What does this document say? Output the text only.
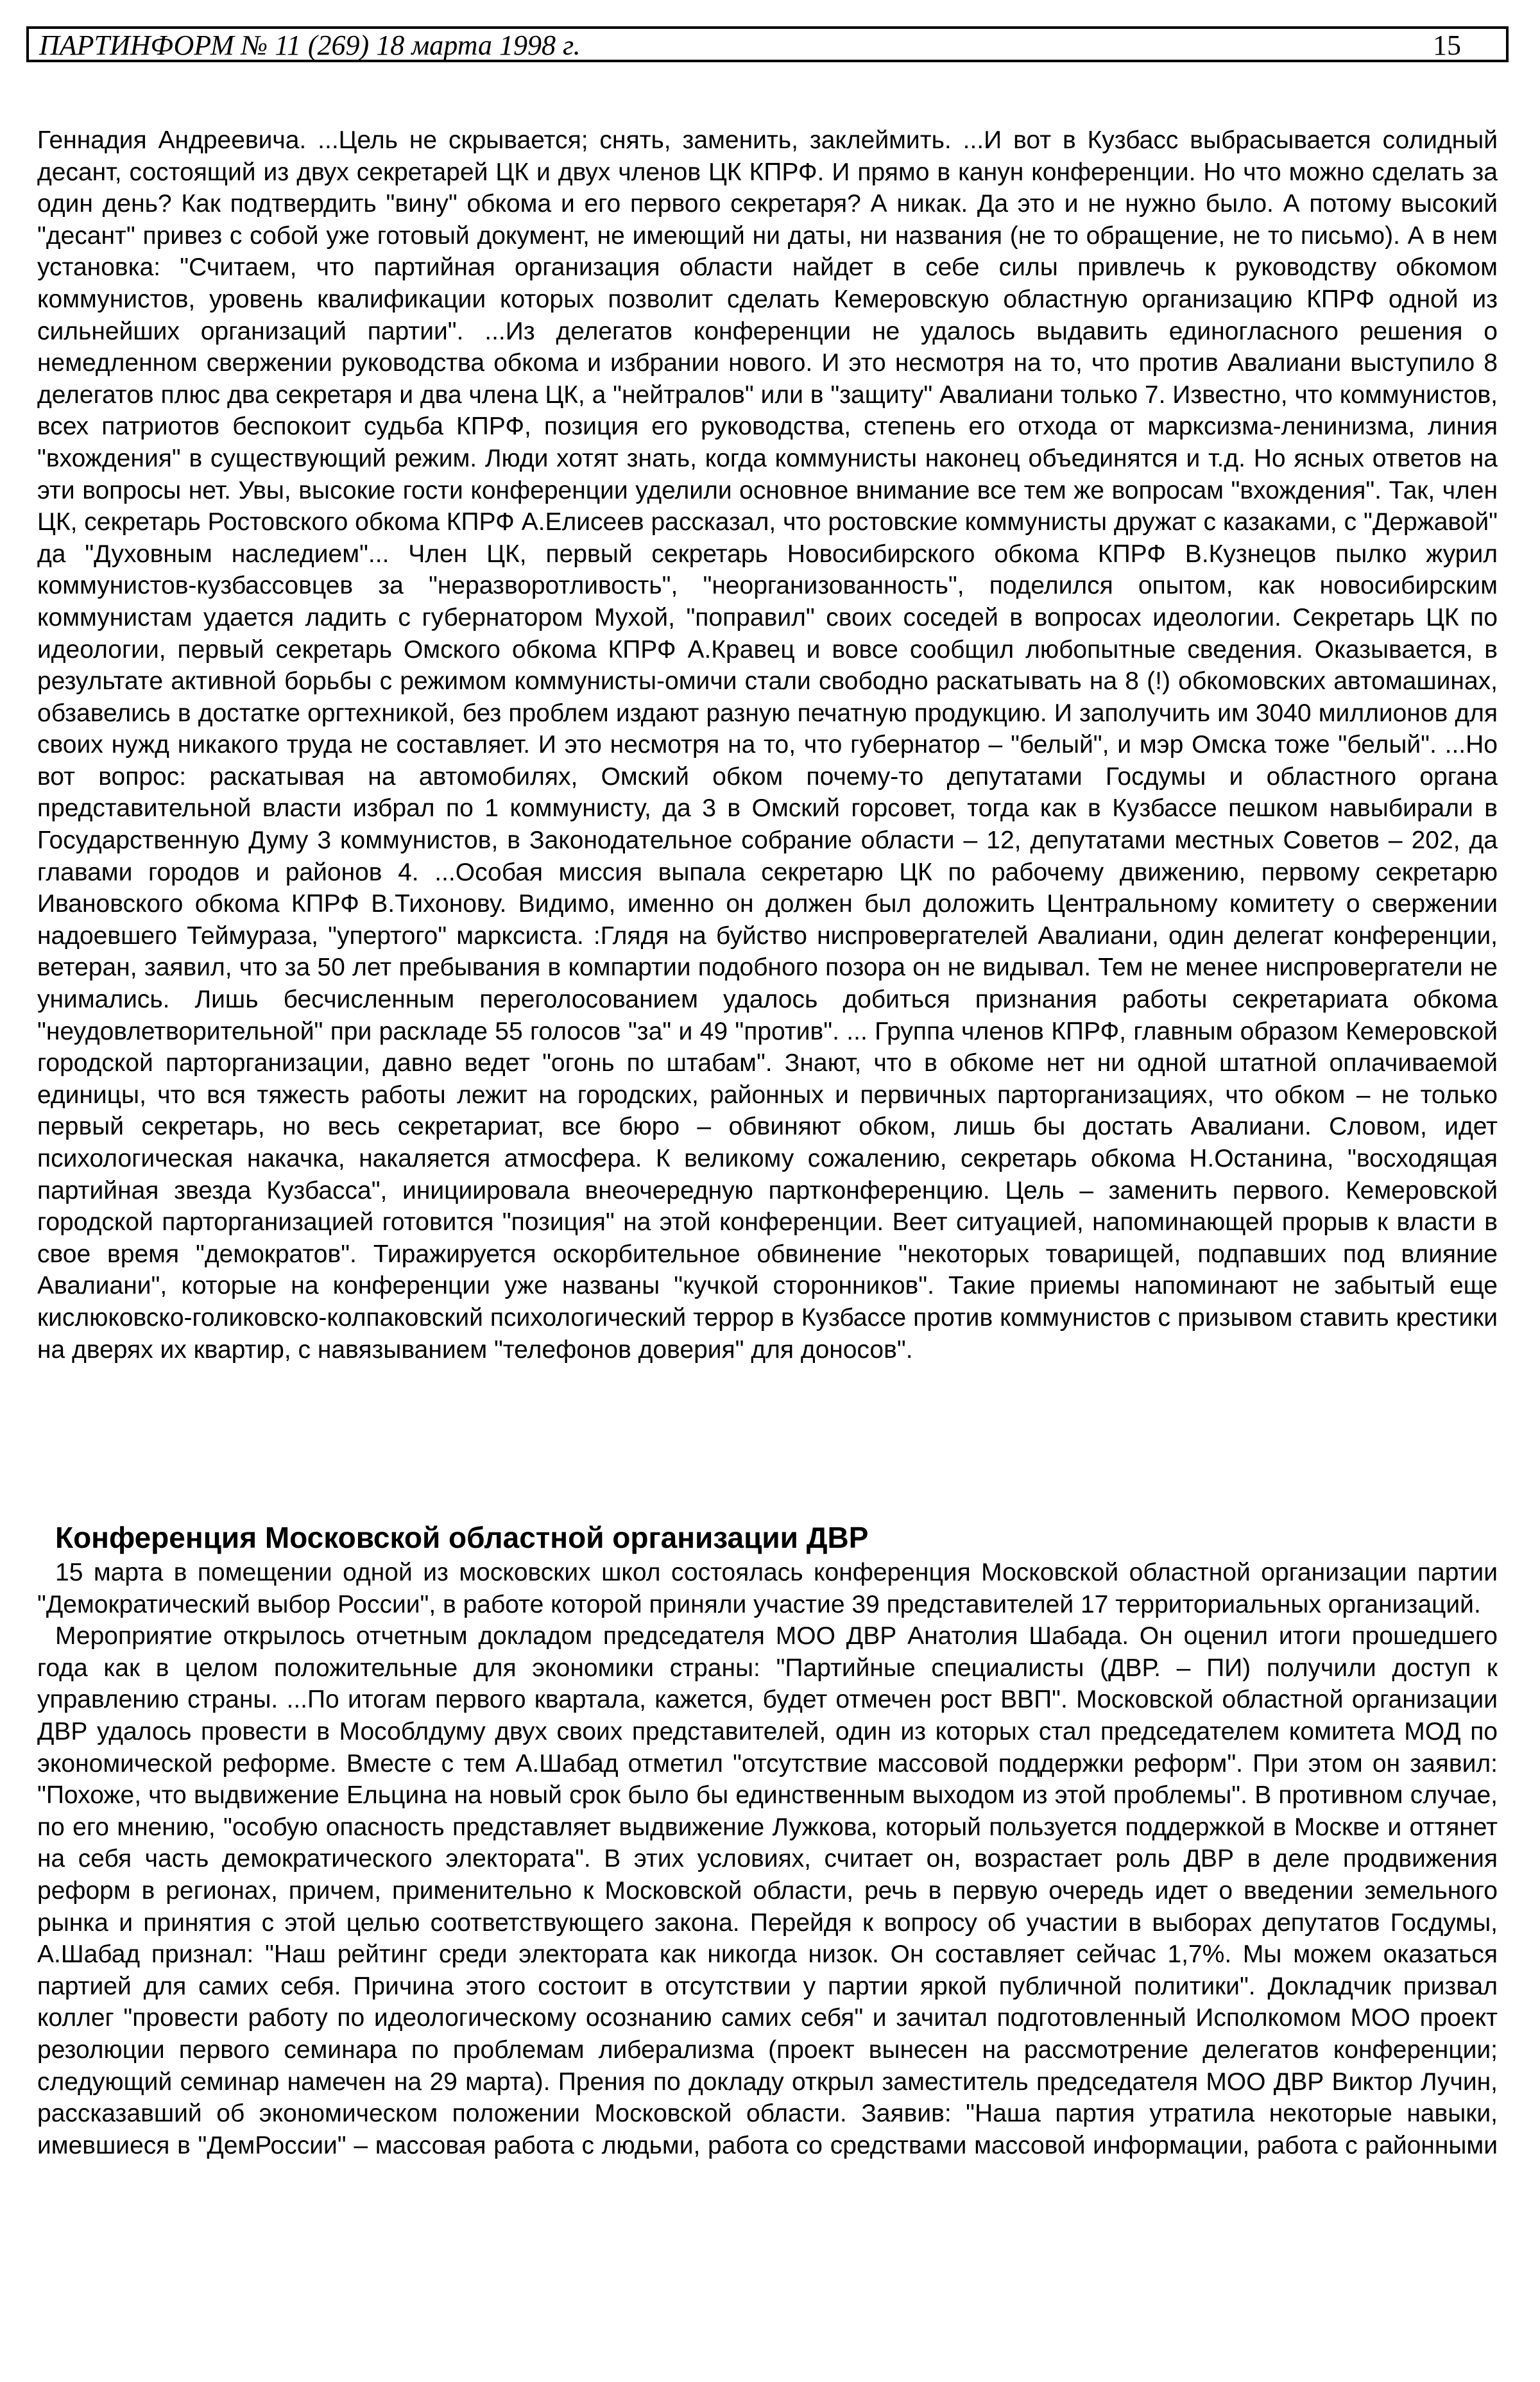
ПАРТИНФОРМ № 11 (269) 18 марта 1998 г.	15

Геннадия Андреевича. ...Цель не скрывается; снять, заменить, заклеймить. ...И вот в Кузбасс выбрасывается солидный десант, состоящий из двух секретарей ЦК и двух членов ЦК КПРФ. И прямо в канун конференции. Но что можно сделать за один день? Как подтвердить "вину" обкома и его первого секретаря? А никак. Да это и не нужно было. А потому высокий "десант" привез с собой уже готовый документ, не имеющий ни даты, ни названия (не то обращение, не то письмо). А в нем установка: "Считаем, что партийная организация области найдет в себе силы привлечь к руководству обкомом коммунистов, уровень квалификации которых позволит сделать Кемеровскую областную организацию КПРФ одной из сильнейших организаций партии". ...Из делегатов конференции не удалось выдавить единогласного решения о немедленном свержении руководства обкома и избрании нового. И это несмотря на то, что против Авалиани выступило 8 делегатов плюс два секретаря и два члена ЦК, а "нейтралов" или в "защиту" Авалиани только 7. Известно, что коммунистов, всех патриотов беспокоит судьба КПРФ, позиция его руководства, степень его отхода от марксизма-ленинизма, линия "вхождения" в существующий режим. Люди хотят знать, когда коммунисты наконец объединятся и т.д. Но ясных ответов на эти вопросы нет. Увы, высокие гости конференции уделили основное внимание все тем же вопросам "вхождения". Так, член ЦК, секретарь Ростовского обкома КПРФ А.Елисеев рассказал, что ростовские коммунисты дружат с казаками, с "Державой" да "Духовным наследием"... Член ЦК, первый секретарь Новосибирского обкома КПРФ В.Кузнецов пылко журил коммунистов-кузбассовцев за "неразворотливость", "неорганизованность", поделился опытом, как новосибирским коммунистам удается ладить с губернатором Мухой, "поправил" своих соседей в вопросах идеологии. Секретарь ЦК по идеологии, первый секретарь Омского обкома КПРФ А.Кравец и вовсе сообщил любопытные сведения. Оказывается, в результате активной борьбы с режимом коммунисты-омичи стали свободно раскатывать на 8 (!) обкомовских автомашинах, обзавелись в достатке оргтехникой, без проблем издают разную печатную продукцию. И заполучить им 3040 миллионов для своих нужд никакого труда не составляет. И это несмотря на то, что губернатор – "белый", и мэр Омска тоже "белый". ...Но вот вопрос: раскатывая на автомобилях, Омский обком почему-то депутатами Госдумы и областного органа представительной власти избрал по 1 коммунисту, да 3 в Омский горсовет, тогда как в Кузбассе пешком навыбирали в Государственную Думу 3 коммунистов, в Законодательное собрание области – 12, депутатами местных Советов – 202, да главами городов и районов 4. ...Особая миссия выпала секретарю ЦК по рабочему движению, первому секретарю Ивановского обкома КПРФ В.Тихонову. Видимо, именно он должен был доложить Центральному комитету о свержении надоевшего Теймураза, "упертого" марксиста. :Глядя на буйство ниспровергателей Авалиани, один делегат конференции, ветеран, заявил, что за 50 лет пребывания в компартии подобного позора он не видывал. Тем не менее ниспровергатели не унимались. Лишь бесчисленным переголосованием удалось добиться признания работы секретариата обкома "неудовлетворительной" при раскладе 55 голосов "за" и 49 "против". ... Группа членов КПРФ, главным образом Кемеровской городской парторганизации, давно ведет "огонь по штабам". Знают, что в обкоме нет ни одной штатной оплачиваемой единицы, что вся тяжесть работы лежит на городских, районных и первичных парторганизациях, что обком – не только первый секретарь, но весь секретариат, все бюро – обвиняют обком, лишь бы достать Авалиани. Словом, идет психологическая накачка, накаляется атмосфера. К великому сожалению, секретарь обкома Н.Останина, "восходящая партийная звезда Кузбасса", инициировала внеочередную партконференцию. Цель – заменить первого. Кемеровской городской парторганизацией готовится "позиция" на этой конференции. Веет ситуацией, напоминающей прорыв к власти в свое время "демократов". Тиражируется оскорбительное обвинение "некоторых товарищей, подпавших под влияние Авалиани", которые на конференции уже названы "кучкой сторонников". Такие приемы напоминают не забытый еще кислюковско-голиковско-колпаковский психологический террор в Кузбассе против коммунистов с призывом ставить крестики на дверях их квартир, с навязыванием "телефонов доверия" для доносов".

Конференция Московской областной организации ДВР

15 марта в помещении одной из московских школ состоялась конференция Московской областной организации партии "Демократический выбор России", в работе которой приняли участие 39 представителей 17 территориальных организаций.

Мероприятие открылось отчетным докладом председателя МОО ДВР Анатолия Шабада. Он оценил итоги прошедшего года как в целом положительные для экономики страны: "Партийные специалисты (ДВР. – ПИ) получили доступ к управлению страны. ...По итогам первого квартала, кажется, будет отмечен рост ВВП". Московской областной организации ДВР удалось провести в Мособлдуму двух своих представителей, один из которых стал председателем комитета МОД по экономической реформе. Вместе с тем А.Шабад отметил "отсутствие массовой поддержки реформ". При этом он заявил: "Похоже, что выдвижение Ельцина на новый срок было бы единственным выходом из этой проблемы". В противном случае, по его мнению, "особую опасность представляет выдвижение Лужкова, который пользуется поддержкой в Москве и оттянет на себя часть демократического электората". В этих условиях, считает он, возрастает роль ДВР в деле продвижения реформ в регионах, причем, применительно к Московской области, речь в первую очередь идет о введении земельного рынка и принятия с этой целью соответствующего закона. Перейдя к вопросу об участии в выборах депутатов Госдумы, А.Шабад признал: "Наш рейтинг среди электората как никогда низок. Он составляет сейчас 1,7%. Мы можем оказаться партией для самих себя. Причина этого состоит в отсутствии у партии яркой публичной политики". Докладчик призвал коллег "провести работу по идеологическому осознанию самих себя" и зачитал подготовленный Исполкомом МОО проект резолюции первого семинара по проблемам либерализма (проект вынесен на рассмотрение делегатов конференции; следующий семинар намечен на 29 марта). Прения по докладу открыл заместитель председателя МОО ДВР Виктор Лучин, рассказавший об экономическом положении Московской области. Заявив: "Наша партия утратила некоторые навыки, имевшиеся в "ДемРоссии" – массовая работа с людьми, работа со средствами массовой информации, работа с районными
